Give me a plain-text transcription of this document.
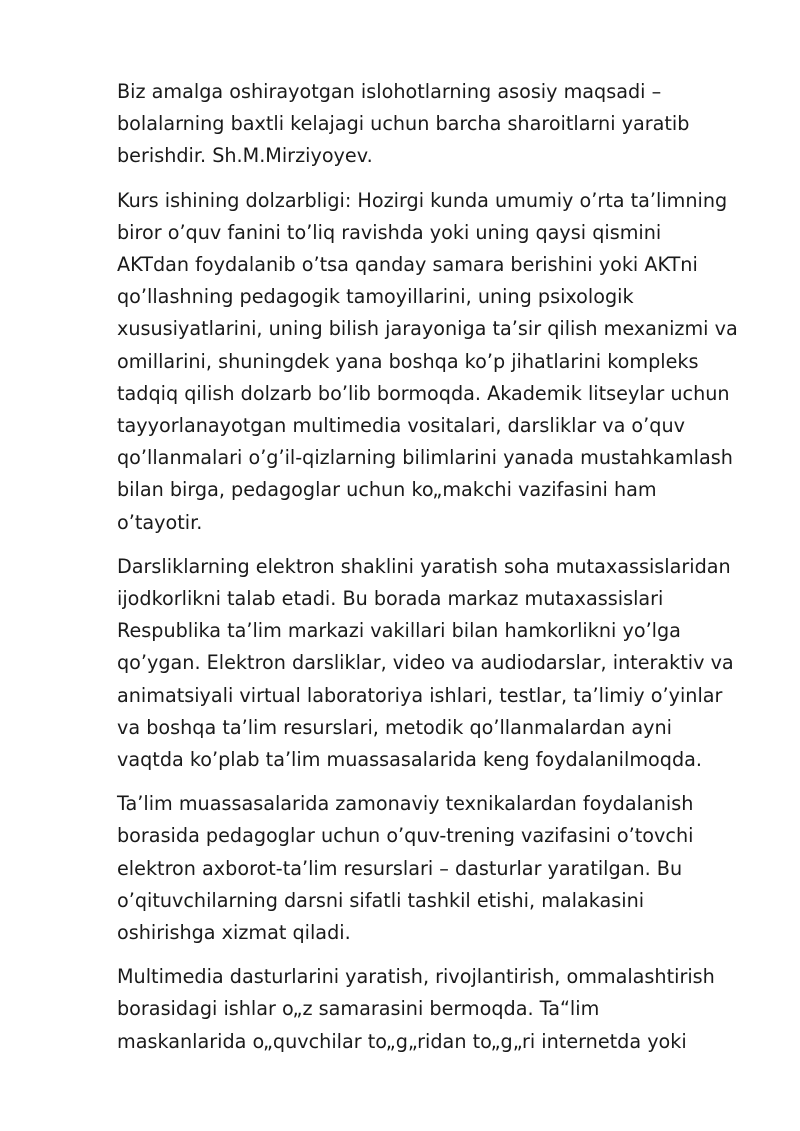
Biz amalga oshirayotgan islohotlarning asosiy maqsadi –
bolalarning baxtli kelajagi uchun barcha sharoitlarni yaratib
berishdir. Sh.M.Mirziyoyev.

Kurs ishining dolzarbligi: Hozirgi kunda umumiy o’rta ta’limning
biror o’quv fanini to’liq ravishda yoki uning qaysi qismini
AKTdan foydalanib o’tsa qanday samara berishini yoki AKTni
qo’llashning pedagogik tamoyillarini, uning psixologik
xususiyatlarini, uning bilish jarayoniga ta’sir qilish mexanizmi va
omillarini, shuningdek yana boshqa ko’p jihatlarini kompleks
tadqiq qilish dolzarb bo’lib bormoqda. Akademik litseylar uchun
tayyorlanayotgan multimedia vositalari, darsliklar va o’quv
qo’llanmalari o’g’il-qizlarning bilimlarini yanada mustahkamlash
bilan birga, pedagoglar uchun ko„makchi vazifasini ham
o’tayotir.

Darsliklarning elektron shaklini yaratish soha mutaxassislaridan
ijodkorlikni talab etadi. Bu borada markaz mutaxassislari
Respublika ta’lim markazi vakillari bilan hamkorlikni yo’lga
qo’ygan. Elektron darsliklar, video va audiodarslar, interaktiv va
animatsiyali virtual laboratoriya ishlari, testlar, ta’limiy o’yinlar
va boshqa ta’lim resurslari, metodik qo’llanmalardan ayni
vaqtda ko’plab ta’lim muassasalarida keng foydalanilmoqda.

Ta’lim muassasalarida zamonaviy texnikalardan foydalanish
borasida pedagoglar uchun o’quv-trening vazifasini o’tovchi
elektron axborot-ta’lim resurslari – dasturlar yaratilgan. Bu
o’qituvchilarning darsni sifatli tashkil etishi, malakasini
oshirishga xizmat qiladi.

Multimedia dasturlarini yaratish, rivojlantirish, ommalashtirish
borasidagi ishlar o„z samarasini bermoqda. Ta“lim
maskanlarida o„quvchilar to„g„ridan to„g„ri internetda yoki
